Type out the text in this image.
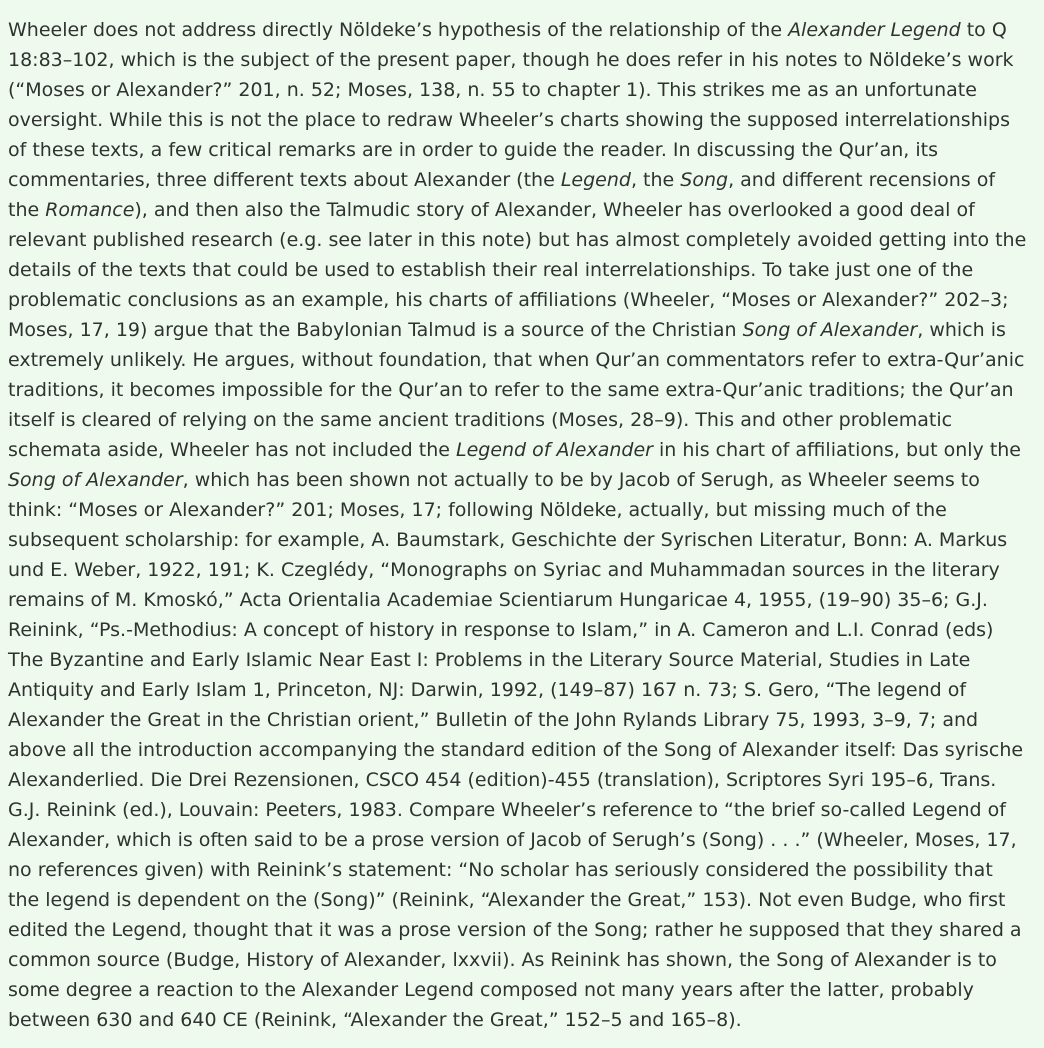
Wheeler does not address directly Nöldeke’s hypothesis of the relationship of the Alexander Legend to Q
18:83–102, which is the subject of the present paper, though he does refer in his notes to Nöldeke’s work
(“Moses or Alexander?” 201, n. 52; Moses, 138, n. 55 to chapter 1). This strikes me as an unfortunate
oversight. While this is not the place to redraw Wheeler’s charts showing the supposed interrelationships
of these texts, a few critical remarks are in order to guide the reader. In discussing the Qur’an, its
commentaries, three different texts about Alexander (the Legend, the Song, and different recensions of
the Romance), and then also the Talmudic story of Alexander, Wheeler has overlooked a good deal of
relevant published research (e.g. see later in this note) but has almost completely avoided getting into the
details of the texts that could be used to establish their real interrelationships. To take just one of the
problematic conclusions as an example, his charts of affiliations (Wheeler, “Moses or Alexander?” 202–3;
Moses, 17, 19) argue that the Babylonian Talmud is a source of the Christian Song of Alexander, which is
extremely unlikely. He argues, without foundation, that when Qur’an commentators refer to extra-Qur’anic
traditions, it becomes impossible for the Qur’an to refer to the same extra-Qur’anic traditions; the Qur’an
itself is cleared of relying on the same ancient traditions (Moses, 28–9). This and other problematic
schemata aside, Wheeler has not included the Legend of Alexander in his chart of affiliations, but only the
Song of Alexander, which has been shown not actually to be by Jacob of Serugh, as Wheeler seems to
think: “Moses or Alexander?” 201; Moses, 17; following Nöldeke, actually, but missing much of the
subsequent scholarship: for example, A. Baumstark, Geschichte der Syrischen Literatur, Bonn: A. Markus
und E. Weber, 1922, 191; K. Czeglédy, “Monographs on Syriac and Muhammadan sources in the literary
remains of M. Kmoskó,” Acta Orientalia Academiae Scientiarum Hungaricae 4, 1955, (19–90) 35–6; G.J.
Reinink, “Ps.-Methodius: A concept of history in response to Islam,” in A. Cameron and L.I. Conrad (eds)
The Byzantine and Early Islamic Near East I: Problems in the Literary Source Material, Studies in Late
Antiquity and Early Islam 1, Princeton, NJ: Darwin, 1992, (149–87) 167 n. 73; S. Gero, “The legend of
Alexander the Great in the Christian orient,” Bulletin of the John Rylands Library 75, 1993, 3–9, 7; and
above all the introduction accompanying the standard edition of the Song of Alexander itself: Das syrische
Alexanderlied. Die Drei Rezensionen, CSCO 454 (edition)-455 (translation), Scriptores Syri 195–6, Trans.
G.J. Reinink (ed.), Louvain: Peeters, 1983. Compare Wheeler’s reference to “the brief so-called Legend of
Alexander, which is often said to be a prose version of Jacob of Serugh’s (Song) . . .” (Wheeler, Moses, 17,
no references given) with Reinink’s statement: “No scholar has seriously considered the possibility that
the legend is dependent on the (Song)” (Reinink, “Alexander the Great,” 153). Not even Budge, who first
edited the Legend, thought that it was a prose version of the Song; rather he supposed that they shared a
common source (Budge, History of Alexander, lxxvii). As Reinink has shown, the Song of Alexander is to
some degree a reaction to the Alexander Legend composed not many years after the latter, probably
between 630 and 640 CE (Reinink, “Alexander the Great,” 152–5 and 165–8).
